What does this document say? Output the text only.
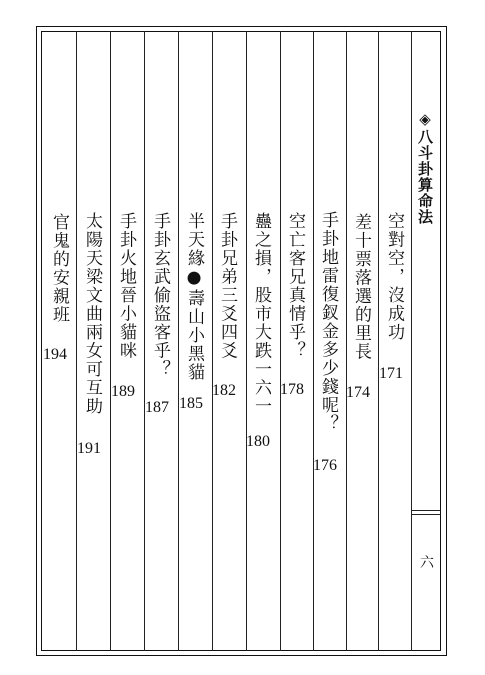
◈八斗卦算命法
空對空，沒成功
171
差十票落選的里長
174
手卦地雷復釵金多少錢呢？
176
空亡客兄真情乎？
178
蠱之損，股市大跌一六一
180
手卦兄弟三爻四爻
182
半天緣●壽山小黑貓
185
手卦玄武偷盜客乎？
187
手卦火地晉小貓咪
189
太陽天梁文曲兩女可互助
191
官鬼的安親班
194
六
